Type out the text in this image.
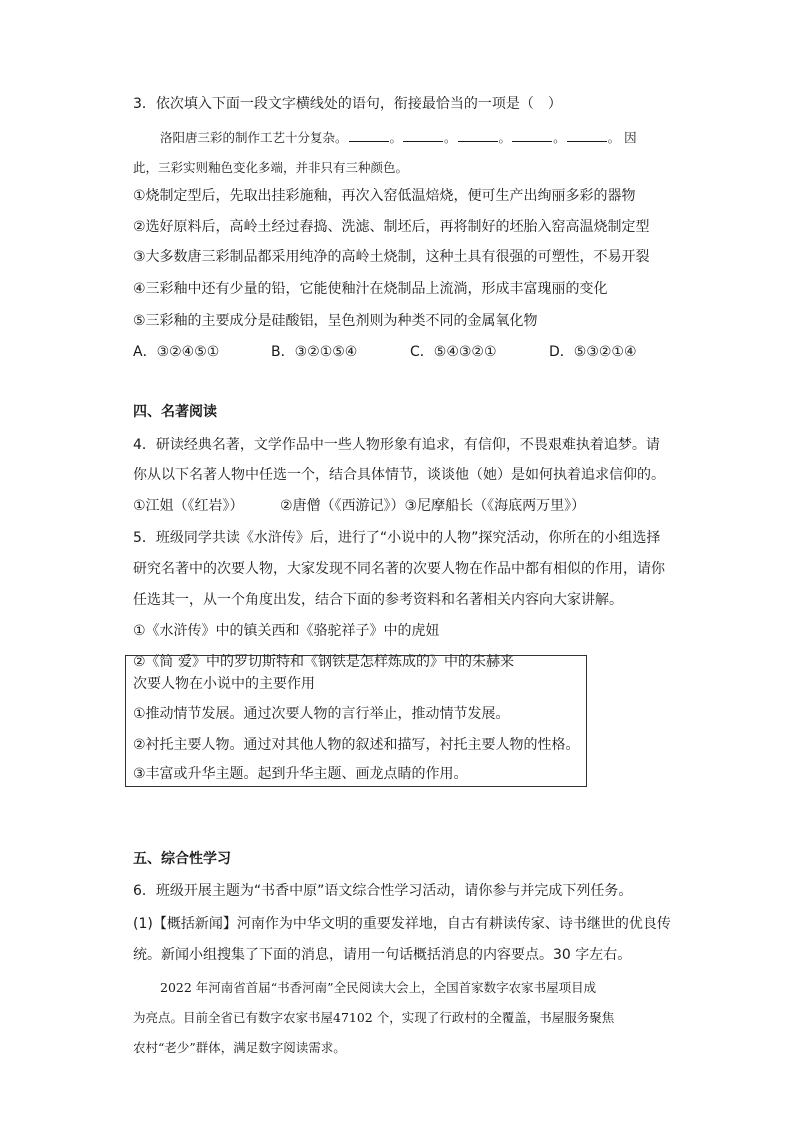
3．依次填入下面一段文字横线处的语句，衔接最恰当的一项是（　）
洛阳唐三彩的制作工艺十分复杂。	。	。	。	。	。 因
此，三彩实则釉色变化多端，并非只有三种颜色。
①烧制定型后，先取出挂彩施釉，再次入窑低温焙烧，便可生产出绚丽多彩的器物
②选好原料后，高岭土经过舂捣、洗滤、制坯后，再将制好的坯胎入窑高温烧制定型
③大多数唐三彩制品都采用纯净的高岭土烧制，这种土具有很强的可塑性，不易开裂
④三彩釉中还有少量的铅，它能使釉汁在烧制品上流淌，形成丰富瑰丽的变化
⑤三彩釉的主要成分是硅酸铝，呈色剂则为种类不同的金属氧化物
A．③②④⑤①	B．③②①⑤④	C．⑤④③②①	D．⑤③②①④
四、名著阅读
4．研读经典名著，文学作品中一些人物形象有追求，有信仰，不畏艰难执着追梦。请
你从以下名著人物中任选一个，结合具体情节，谈谈他（她）是如何执着追求信仰的。
①江姐（《红岩》）	②唐僧（《西游记》）③尼摩船长（《海底两万里》）
5．班级同学共读《水浒传》后，进行了“小说中的人物”探究活动，你所在的小组选择
研究名著中的次要人物，大家发现不同名著的次要人物在作品中都有相似的作用，请你
任选其一，从一个角度出发，结合下面的参考资料和名著相关内容向大家讲解。
①《水浒传》中的镇关西和《骆驼祥子》中的虎妞
②《简 爱》中的罗切斯特和《钢铁是怎样炼成的》中的朱赫来
次要人物在小说中的主要作用
①推动情节发展。通过次要人物的言行举止，推动情节发展。
②衬托主要人物。通过对其他人物的叙述和描写，衬托主要人物的性格。
③丰富或升华主题。起到升华主题、画龙点睛的作用。
五、综合性学习
6．班级开展主题为“书香中原”语文综合性学习活动，请你参与并完成下列任务。
(1)【概括新闻】河南作为中华文明的重要发祥地，自古有耕读传家、诗书继世的优良传
统。新闻小组搜集了下面的消息，请用一句话概括消息的内容要点。30 字左右。
2022 年河南省首届“书香河南”全民阅读大会上，全国首家数字农家书屋项目成
为亮点。目前全省已有数字农家书屋47102 个，实现了行政村的全覆盖，书屋服务聚焦
农村“老少”群体，满足数字阅读需求。
